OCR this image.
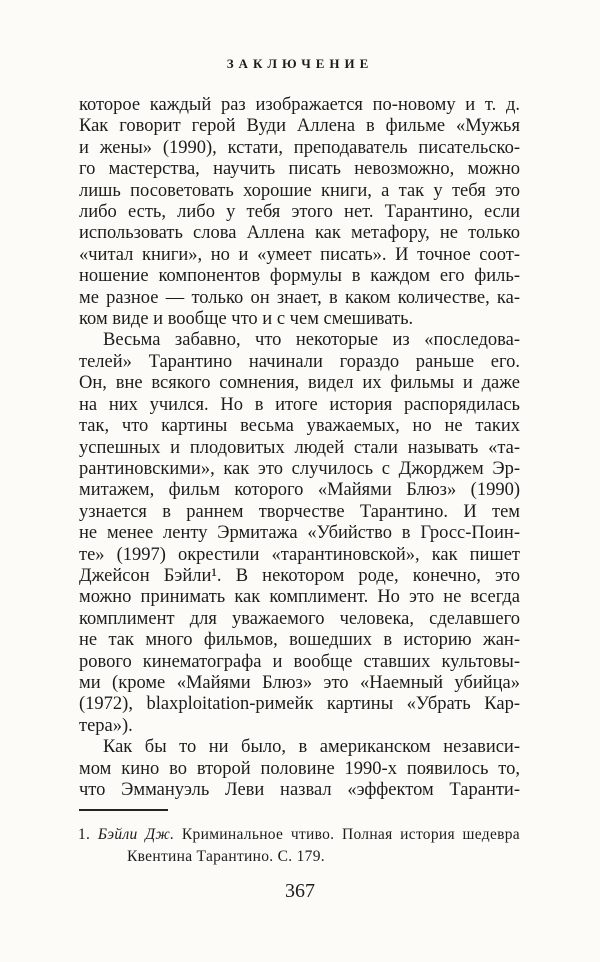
ЗАКЛЮЧЕНИЕ
которое каждый раз изображается по-новому и т. д.
Как говорит герой Вуди Аллена в фильме «Мужья
и жены» (1990), кстати, преподаватель писательско-
го мастерства, научить писать невозможно, можно
лишь посоветовать хорошие книги, а так у тебя это
либо есть, либо у тебя этого нет. Тарантино, если
использовать слова Аллена как метафору, не только
«читал книги», но и «умеет писать». И точное соот-
ношение компонентов формулы в каждом его филь-
ме разное — только он знает, в каком количестве, ка-
ком виде и вообще что и с чем смешивать.
Весьма забавно, что некоторые из «последова-
телей» Тарантино начинали гораздо раньше его.
Он, вне всякого сомнения, видел их фильмы и даже
на них учился. Но в итоге история распорядилась
так, что картины весьма уважаемых, но не таких
успешных и плодовитых людей стали называть «та-
рантиновскими», как это случилось с Джорджем Эр-
митажем, фильм которого «Майями Блюз» (1990)
узнается в раннем творчестве Тарантино. И тем
не менее ленту Эрмитажа «Убийство в Гросс-Поин-
те» (1997) окрестили «тарантиновской», как пишет
Джейсон Бэйли¹. В некотором роде, конечно, это
можно принимать как комплимент. Но это не всегда
комплимент для уважаемого человека, сделавшего
не так много фильмов, вошедших в историю жан-
рового кинематографа и вообще ставших культовы-
ми (кроме «Майями Блюз» это «Наемный убийца»
(1972), blaxploitation-римейк картины «Убрать Кар-
тера»).
Как бы то ни было, в американском независи-
мом кино во второй половине 1990-х появилось то,
что Эммануэль Леви назвал «эффектом Таранти-
1. Бэйли Дж. Криминальное чтиво. Полная история шедевра
Квентина Тарантино. С. 179.
367
